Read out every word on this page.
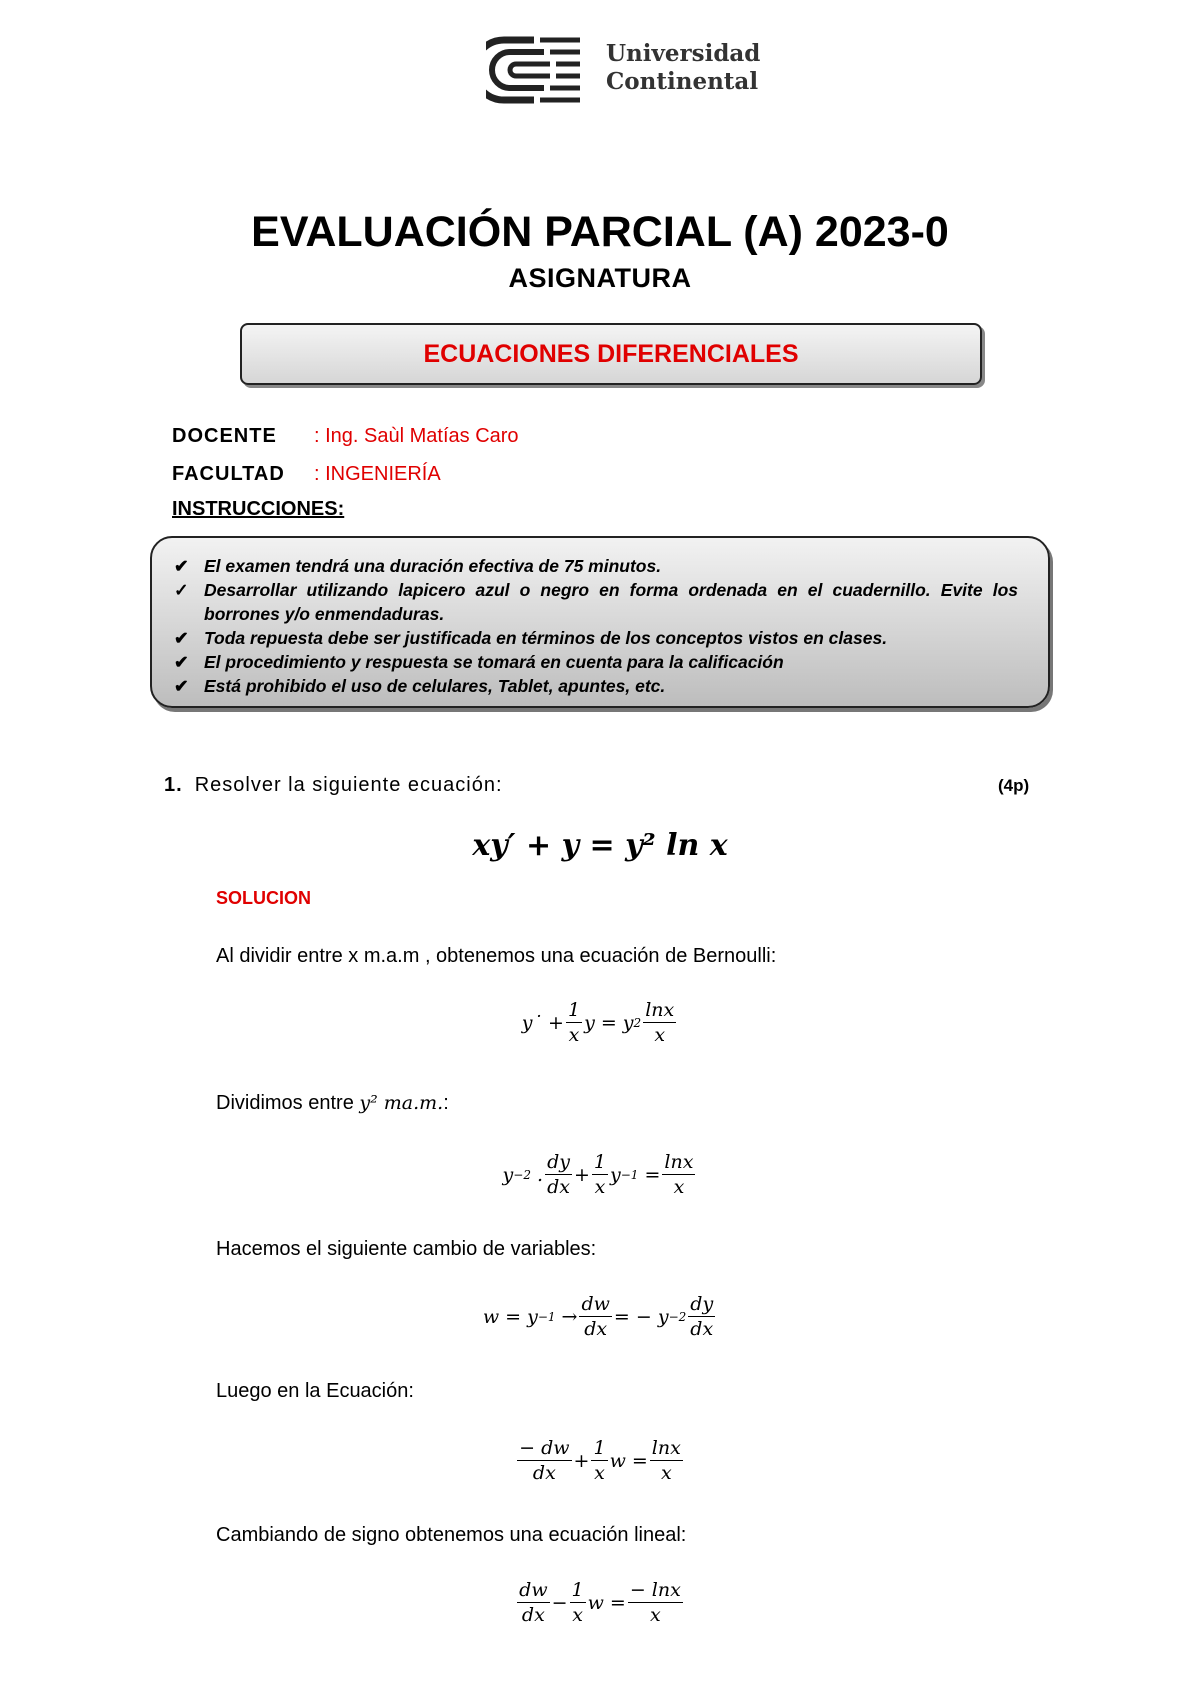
Universidad
Continental
EVALUACIÓN PARCIAL (A) 2023-0
ASIGNATURA
ECUACIONES DIFERENCIALES
DOCENTE : Ing. Saùl Matías Caro
FACULTAD : INGENIERÍA
INSTRUCCIONES:
✔ El examen tendrá una duración efectiva de 75 minutos.
✓ Desarrollar utilizando lapicero azul o negro en forma ordenada en el cuadernillo. Evite los borrones y/o enmendaduras.
✔ Toda repuesta debe ser justificada en términos de los conceptos vistos en clases.
✔ El procedimiento y respuesta se tomará en cuenta para la calificación
✔ Está prohibido el uso de celulares, Tablet, apuntes, etc.
1. Resolver la siguiente ecuación:	(4p)
xy′ + y = y² ln x
SOLUCION
Al dividir entre x m.a.m , obtenemos una ecuación de Bernoulli:
y ˙ + $\frac{1}{x}$ y = y $2 \frac{\ln x}{x}$
Dividimos entre y² ma.m.:
y −2 . $\frac{dy}{dx} + \frac{1}{x}$ $y -1 = \frac{\ln x}{x}$
Hacemos el siguiente cambio de variables:
$w = y -1 \to \frac{dw}{dx}$ = − $y -2 \frac{dy}{dx}$
Luego en la Ecuación:
$\frac{- dw}{dx} + \frac{1}{x}$ $w = \frac{\ln x}{x}$
Cambiando de signo obtenemos una ecuación lineal:
$\frac{dw}{dx} - \frac{1}{x}$ $w = \frac{- \ln x}{x}$
